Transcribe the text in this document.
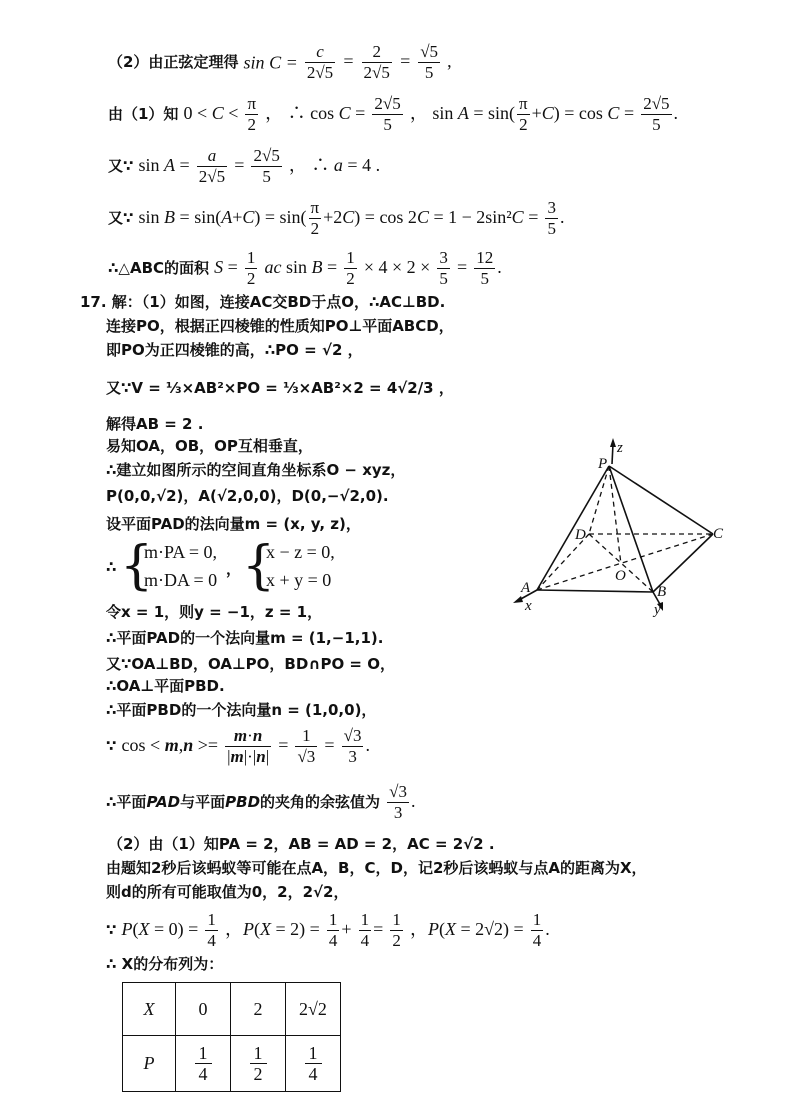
（2）由正弦定理得 $\sin C = \frac{c}{2√5} = \frac{2}{2√5} = \frac{√5}{5}$ ,
由（1）知 $0 < C < \frac{\pi}{2}$ ， ∴ $\cos C = \frac{2√5}{5}$ ， $\sin A = \sin( \frac{\pi}{2} +C) = \cos C = \frac{2√5}{5}$ .
又∵ $\sin A = \frac{a}{2√5} = \frac{2√5}{5}$ ， ∴ a = 4 .
又∵ $\sin B = \sin(A+C) = \sin( \frac{\pi}{2} +2C) = \cos 2C = 1 - 2\sin^2C = \frac{3}{5}$ .
∴△ABC的面积 $S = \frac{1}{2}$ ac $\sin B = \frac{1}{2} \times 4 \times 2 \times \frac{3}{5} = \frac{12}{5}$ .
17. 解：（1）如图，连接AC交BD于点O，∴AC⊥BD.
连接PO，根据正四棱锥的性质知PO⊥平面ABCD，
即PO为正四棱锥的高，∴PO = √2 ，
又∵V = ⅓×AB²×PO = ⅓×AB²×2 = 4√2/3 ，
解得AB = 2 .
易知OA，OB，OP互相垂直，
∴建立如图所示的空间直角坐标系O − xyz，
P(0,0,√2)，A(√2,0,0)，D(0,−√2,0).
设平面PAD的法向量m = (x, y, z)，
∴ {
m·PA = 0,
m·DA = 0
， {
x − z = 0,
x + y = 0
令x = 1，则y = −1，z = 1，
∴平面PAD的一个法向量m = (1,−1,1).
又∵OA⊥BD，OA⊥PO，BD∩PO = O，
∴OA⊥平面PBD.
∴平面PBD的一个法向量n = (1,0,0)，
∵ $\cos < m,n >= \frac{m\cdot n}{|m|\cdot|n|} = \frac{1}{√3} = \frac{√3}{3}$ .
∴平面PAD与平面PBD的夹角的余弦值为 $\frac{√3}{3}$ .
（2）由（1）知PA = 2，AB = AD = 2，AC = 2√2 .
由题知2秒后该蚂蚁等可能在点A，B，C，D，记2秒后该蚂蚁与点A的距离为X，
则d的所有可能取值为0，2，2√2，
∵ $P(X = 0) = \frac{1}{4}$ ，$P(X = 2) = \frac{1}{4} + \frac{1}{4} = \frac{1}{2}$ ，$P(X = 2√2) = \frac{1}{4}$ .
∴ X的分布列为：
X	0	2	2√2
P	$\frac{1}{4}$	$\frac{1}{2}$	$\frac{1}{4}$
z
P
D	C
O
A	B
x	y
